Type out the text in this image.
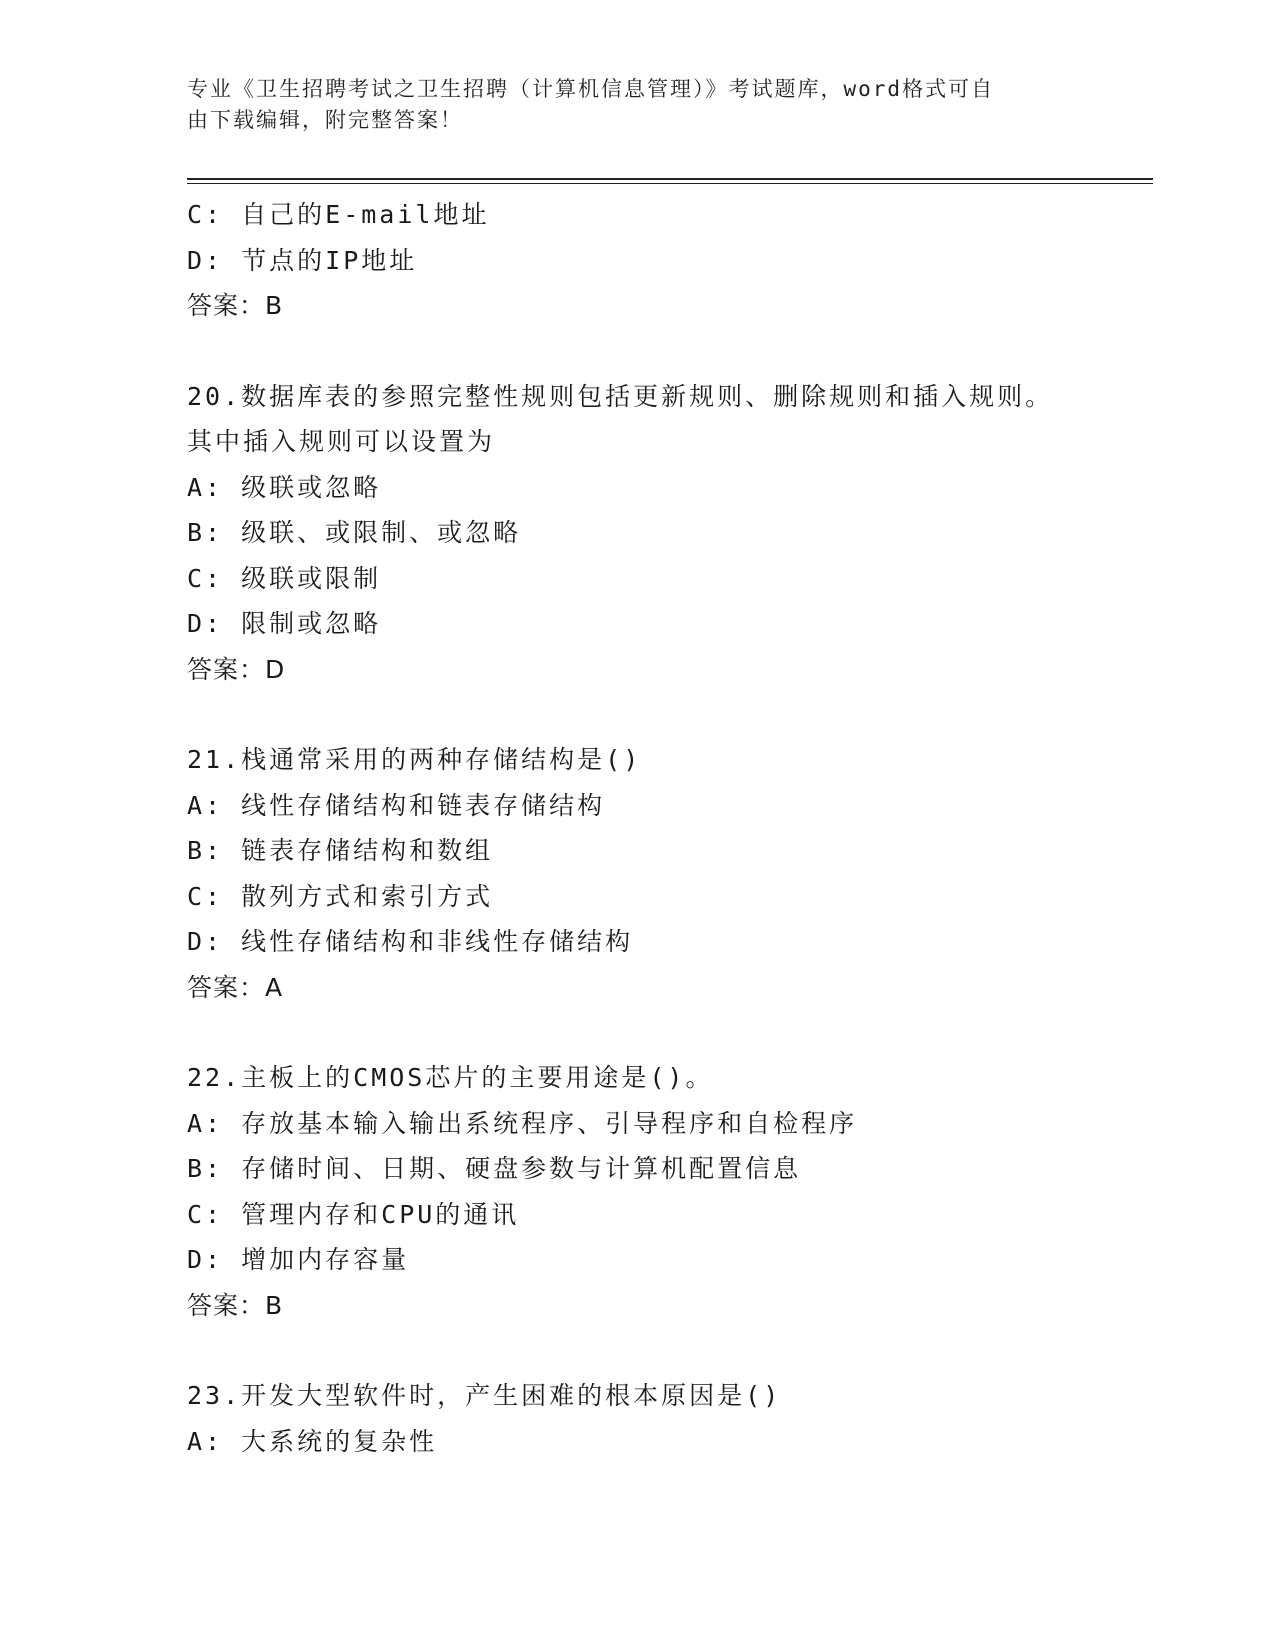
专业《卫生招聘考试之卫生招聘（计算机信息管理）》考试题库，word格式可自
由下载编辑，附完整答案！
C: 自己的E-mail地址
D: 节点的IP地址
答案：B
20.数据库表的参照完整性规则包括更新规则、删除规则和插入规则。
其中插入规则可以设置为
A: 级联或忽略
B: 级联、或限制、或忽略
C: 级联或限制
D: 限制或忽略
答案：D
21.栈通常采用的两种存储结构是()
A: 线性存储结构和链表存储结构
B: 链表存储结构和数组
C: 散列方式和索引方式
D: 线性存储结构和非线性存储结构
答案：A
22.主板上的CMOS芯片的主要用途是()。
A: 存放基本输入输出系统程序、引导程序和自检程序
B: 存储时间、日期、硬盘参数与计算机配置信息
C: 管理内存和CPU的通讯
D: 增加内存容量
答案：B
23.开发大型软件时，产生困难的根本原因是()
A: 大系统的复杂性
